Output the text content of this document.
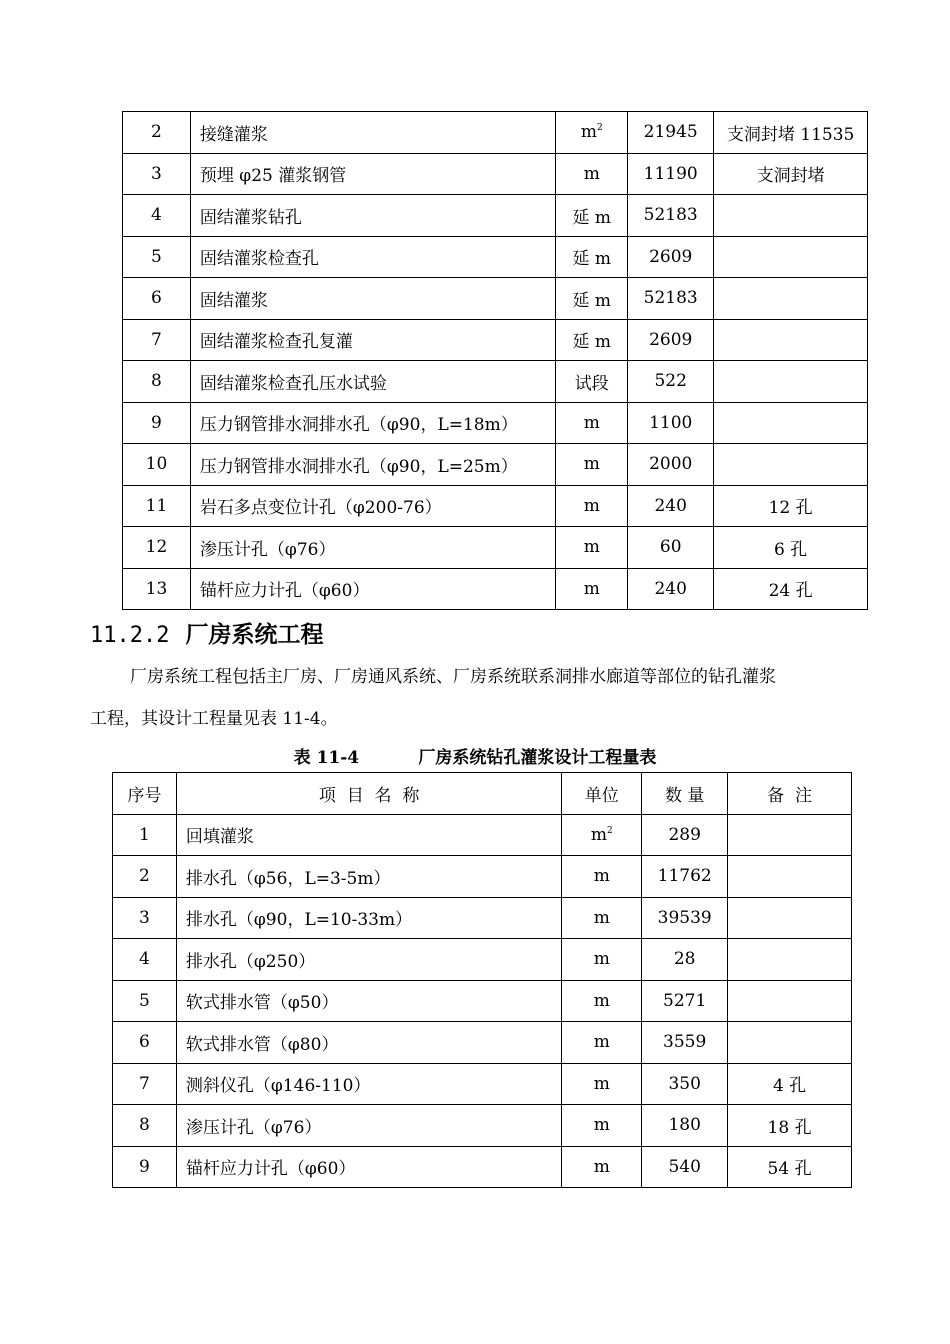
2	接缝灌浆	$m^2$	21945	支洞封堵 11535
3	预埋 φ25 灌浆钢管	m	11190	支洞封堵
4	固结灌浆钻孔	延 m	52183	
5	固结灌浆检查孔	延 m	2609	
6	固结灌浆	延 m	52183	
7	固结灌浆检查孔复灌	延 m	2609	
8	固结灌浆检查孔压水试验	试段	522	
9	压力钢管排水洞排水孔（φ90，L=18m）	m	1100	
10	压力钢管排水洞排水孔（φ90，L=25m）	m	2000	
11	岩石多点变位计孔（φ200-76）	m	240	12 孔
12	渗压计孔（φ76）	m	60	6 孔
13	锚杆应力计孔（φ60）	m	240	24 孔
11.2.2 厂房系统工程
厂房系统工程包括主厂房、厂房通风系统、厂房系统联系洞排水廊道等部位的钻孔灌浆
工程，其设计工程量见表 11-4。
表 11-4	厂房系统钻孔灌浆设计工程量表
序号	项  目  名  称	单位	数 量	备  注
1	回填灌浆	$m^2$	289	
2	排水孔（φ56，L=3-5m）	m	11762	
3	排水孔（φ90，L=10-33m）	m	39539	
4	排水孔（φ250）	m	28	
5	软式排水管（φ50）	m	5271	
6	软式排水管（φ80）	m	3559	
7	测斜仪孔（φ146-110）	m	350	4 孔
8	渗压计孔（φ76）	m	180	18 孔
9	锚杆应力计孔（φ60）	m	540	54 孔
